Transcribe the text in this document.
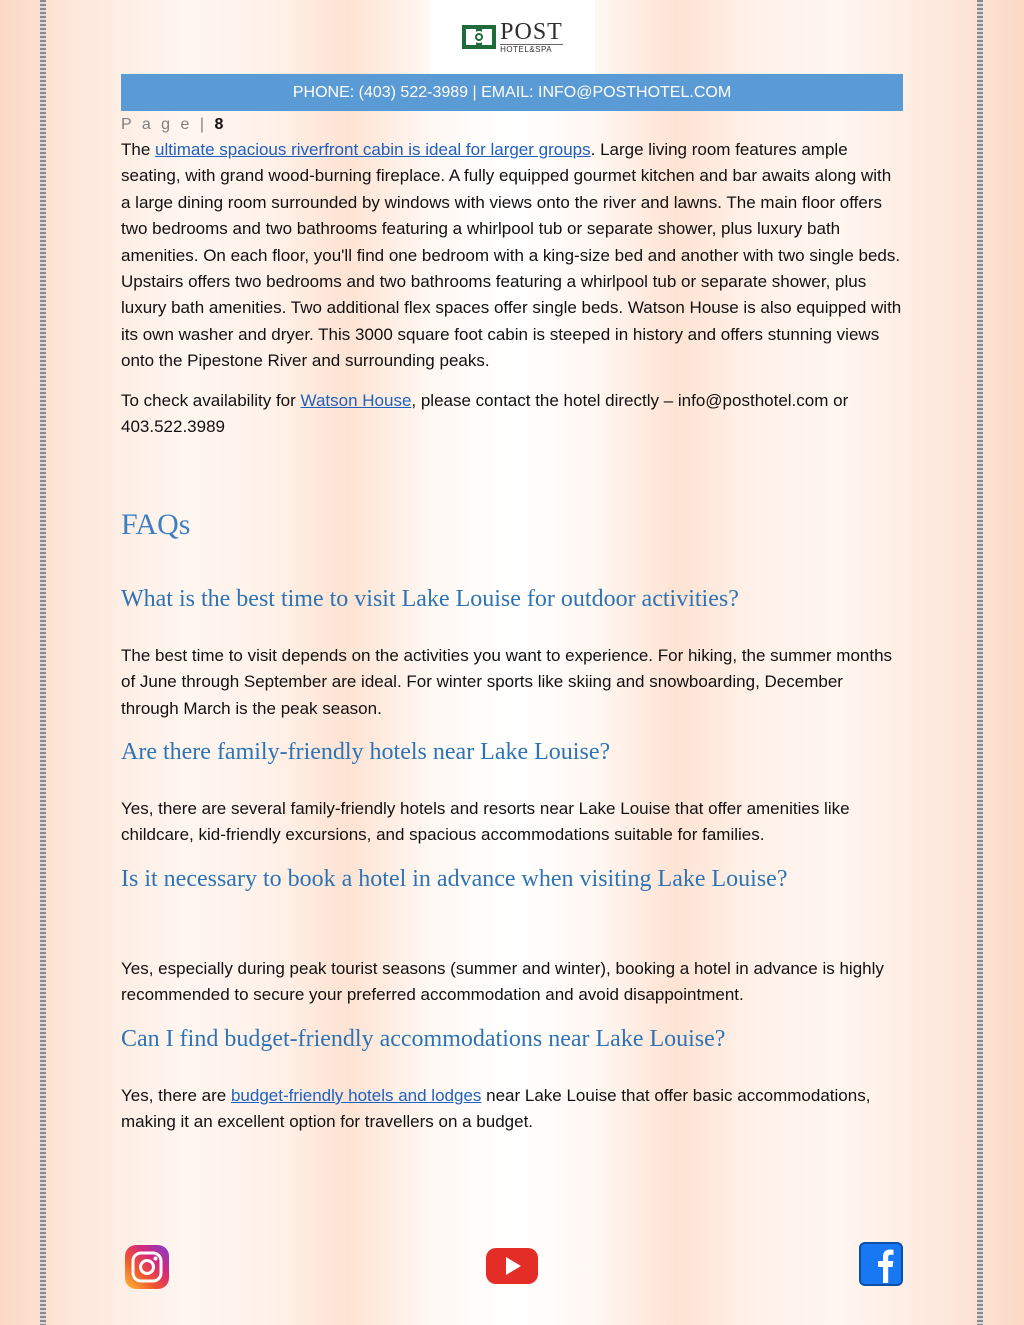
POST
HOTEL&SPA
PHONE: (403) 522-3989 | EMAIL: INFO@POSTHOTEL.COM
P a g e | 8

The ultimate spacious riverfront cabin is ideal for larger groups. Large living room features ample seating, with grand wood-burning fireplace. A fully equipped gourmet kitchen and bar awaits along with a large dining room surrounded by windows with views onto the river and lawns. The main floor offers two bedrooms and two bathrooms featuring a whirlpool tub or separate shower, plus luxury bath amenities. On each floor, you'll find one bedroom with a king-size bed and another with two single beds. Upstairs offers two bedrooms and two bathrooms featuring a whirlpool tub or separate shower, plus luxury bath amenities. Two additional flex spaces offer single beds. Watson House is also equipped with its own washer and dryer. This 3000 square foot cabin is steeped in history and offers stunning views onto the Pipestone River and surrounding peaks.

To check availability for Watson House, please contact the hotel directly – info@posthotel.com or 403.522.3989

FAQs
What is the best time to visit Lake Louise for outdoor activities?

The best time to visit depends on the activities you want to experience. For hiking, the summer months of June through September are ideal. For winter sports like skiing and snowboarding, December through March is the peak season.

Are there family-friendly hotels near Lake Louise?

Yes, there are several family-friendly hotels and resorts near Lake Louise that offer amenities like childcare, kid-friendly excursions, and spacious accommodations suitable for families.

Is it necessary to book a hotel in advance when visiting Lake Louise?

Yes, especially during peak tourist seasons (summer and winter), booking a hotel in advance is highly recommended to secure your preferred accommodation and avoid disappointment.

Can I find budget-friendly accommodations near Lake Louise?

Yes, there are budget-friendly hotels and lodges near Lake Louise that offer basic accommodations, making it an excellent option for travellers on a budget.
